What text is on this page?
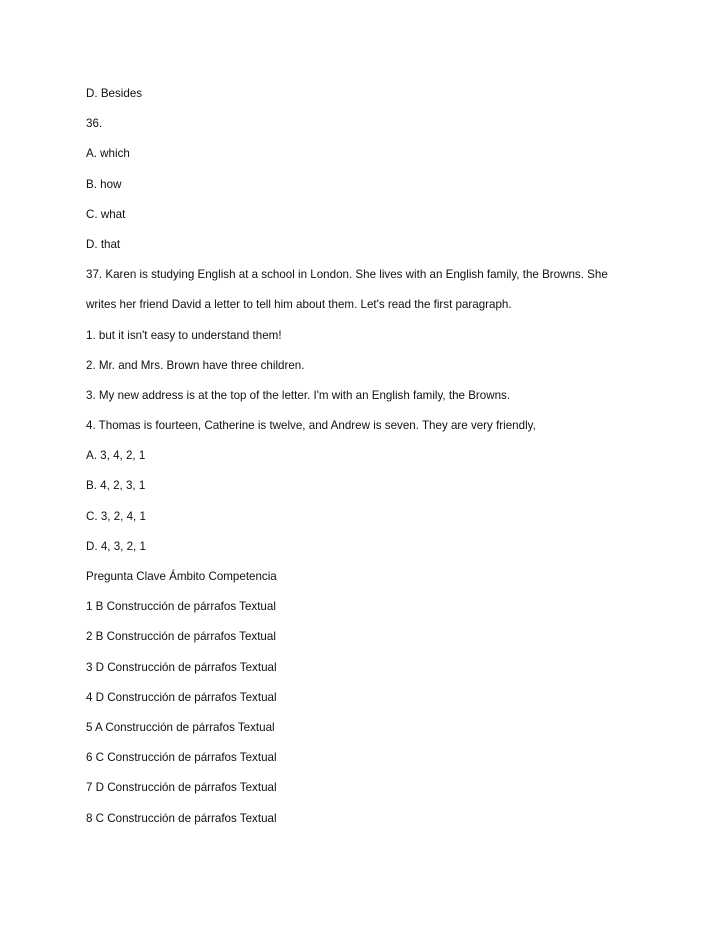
D. Besides
36.
A. which
B. how
C. what
D. that
37. Karen is studying English at a school in London. She lives with an English family, the Browns. She
writes her friend David a letter to tell him about them. Let's read the first paragraph.
1. but it isn't easy to understand them!
2. Mr. and Mrs. Brown have three children.
3. My new address is at the top of the letter. I'm with an English family, the Browns.
4. Thomas is fourteen, Catherine is twelve, and Andrew is seven. They are very friendly,
A. 3, 4, 2, 1
B. 4, 2, 3, 1
C. 3, 2, 4, 1
D. 4, 3, 2, 1
Pregunta Clave Ámbito Competencia
1 B Construcción de párrafos Textual
2 B Construcción de párrafos Textual
3 D Construcción de párrafos Textual
4 D Construcción de párrafos Textual
5 A Construcción de párrafos Textual
6 C Construcción de párrafos Textual
7 D Construcción de párrafos Textual
8 C Construcción de párrafos Textual
